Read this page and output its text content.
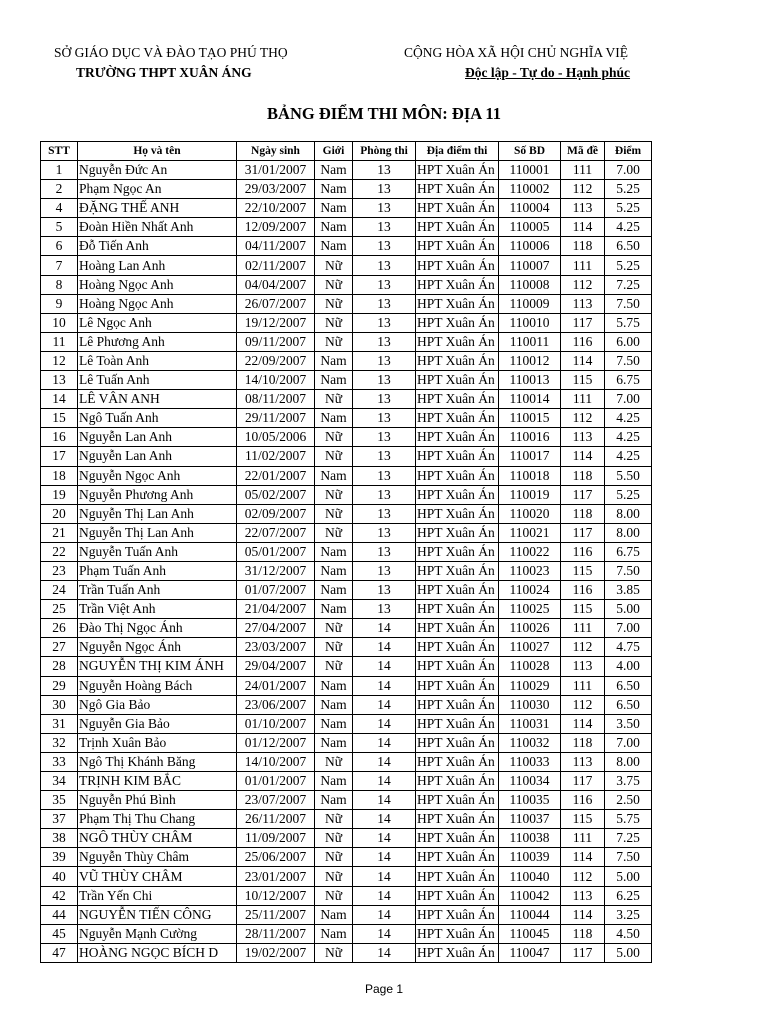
SỞ GIÁO DỤC VÀ ĐÀO TẠO PHÚ THỌ
TRƯỜNG THPT XUÂN ÁNG
CỘNG HÒA XÃ HỘI CHỦ NGHĨA VIỆ
Độc lập - Tự do - Hạnh phúc
BẢNG ĐIỂM THI MÔN: ĐỊA 11
STT	Họ và tên	Ngày sinh	Giới	Phòng thi	Địa điểm thi	Số BD	Mã đề	Điểm
1	Nguyễn Đức An	31/01/2007	Nam	13	HPT Xuân Án	110001	111	7.00
2	Phạm Ngọc An	29/03/2007	Nam	13	HPT Xuân Án	110002	112	5.25
4	ĐẶNG THẾ ANH	22/10/2007	Nam	13	HPT Xuân Án	110004	113	5.25
5	Đoàn Hiền Nhất Anh	12/09/2007	Nam	13	HPT Xuân Án	110005	114	4.25
6	Đỗ Tiến Anh	04/11/2007	Nam	13	HPT Xuân Án	110006	118	6.50
7	Hoàng Lan Anh	02/11/2007	Nữ	13	HPT Xuân Án	110007	111	5.25
8	Hoàng Ngọc Anh	04/04/2007	Nữ	13	HPT Xuân Án	110008	112	7.25
9	Hoàng Ngọc Anh	26/07/2007	Nữ	13	HPT Xuân Án	110009	113	7.50
10	Lê Ngọc Anh	19/12/2007	Nữ	13	HPT Xuân Án	110010	117	5.75
11	Lê Phương Anh	09/11/2007	Nữ	13	HPT Xuân Án	110011	116	6.00
12	Lê Toàn Anh	22/09/2007	Nam	13	HPT Xuân Án	110012	114	7.50
13	Lê Tuấn Anh	14/10/2007	Nam	13	HPT Xuân Án	110013	115	6.75
14	LÊ VÂN ANH	08/11/2007	Nữ	13	HPT Xuân Án	110014	111	7.00
15	Ngô Tuấn Anh	29/11/2007	Nam	13	HPT Xuân Án	110015	112	4.25
16	Nguyễn Lan Anh	10/05/2006	Nữ	13	HPT Xuân Án	110016	113	4.25
17	Nguyễn Lan Anh	11/02/2007	Nữ	13	HPT Xuân Án	110017	114	4.25
18	Nguyễn Ngọc Anh	22/01/2007	Nam	13	HPT Xuân Án	110018	118	5.50
19	Nguyễn Phương Anh	05/02/2007	Nữ	13	HPT Xuân Án	110019	117	5.25
20	Nguyễn Thị Lan Anh	02/09/2007	Nữ	13	HPT Xuân Án	110020	118	8.00
21	Nguyễn Thị Lan Anh	22/07/2007	Nữ	13	HPT Xuân Án	110021	117	8.00
22	Nguyễn Tuấn Anh	05/01/2007	Nam	13	HPT Xuân Án	110022	116	6.75
23	Phạm Tuấn Anh	31/12/2007	Nam	13	HPT Xuân Án	110023	115	7.50
24	Trần Tuấn Anh	01/07/2007	Nam	13	HPT Xuân Án	110024	116	3.85
25	Trần Việt Anh	21/04/2007	Nam	13	HPT Xuân Án	110025	115	5.00
26	Đào Thị Ngọc Ánh	27/04/2007	Nữ	14	HPT Xuân Án	110026	111	7.00
27	Nguyễn Ngọc Ánh	23/03/2007	Nữ	14	HPT Xuân Án	110027	112	4.75
28	NGUYỄN THỊ KIM ÁNH	29/04/2007	Nữ	14	HPT Xuân Án	110028	113	4.00
29	Nguyễn Hoàng Bách	24/01/2007	Nam	14	HPT Xuân Án	110029	111	6.50
30	Ngô Gia Bảo	23/06/2007	Nam	14	HPT Xuân Án	110030	112	6.50
31	Nguyễn Gia Bảo	01/10/2007	Nam	14	HPT Xuân Án	110031	114	3.50
32	Trịnh Xuân Bảo	01/12/2007	Nam	14	HPT Xuân Án	110032	118	7.00
33	Ngô Thị Khánh Băng	14/10/2007	Nữ	14	HPT Xuân Án	110033	113	8.00
34	TRỊNH KIM BẮC	01/01/2007	Nam	14	HPT Xuân Án	110034	117	3.75
35	Nguyễn Phú Bình	23/07/2007	Nam	14	HPT Xuân Án	110035	116	2.50
37	Phạm Thị Thu Chang	26/11/2007	Nữ	14	HPT Xuân Án	110037	115	5.75
38	NGÔ THÙY CHÂM	11/09/2007	Nữ	14	HPT Xuân Án	110038	111	7.25
39	Nguyễn Thùy Châm	25/06/2007	Nữ	14	HPT Xuân Án	110039	114	7.50
40	VŨ THÙY CHÂM	23/01/2007	Nữ	14	HPT Xuân Án	110040	112	5.00
42	Trần Yến Chi	10/12/2007	Nữ	14	HPT Xuân Án	110042	113	6.25
44	NGUYỄN TIẾN CÔNG	25/11/2007	Nam	14	HPT Xuân Án	110044	114	3.25
45	Nguyễn Mạnh Cường	28/11/2007	Nam	14	HPT Xuân Án	110045	118	4.50
47	HOÀNG NGỌC BÍCH D	19/02/2007	Nữ	14	HPT Xuân Án	110047	117	5.00
Page 1
